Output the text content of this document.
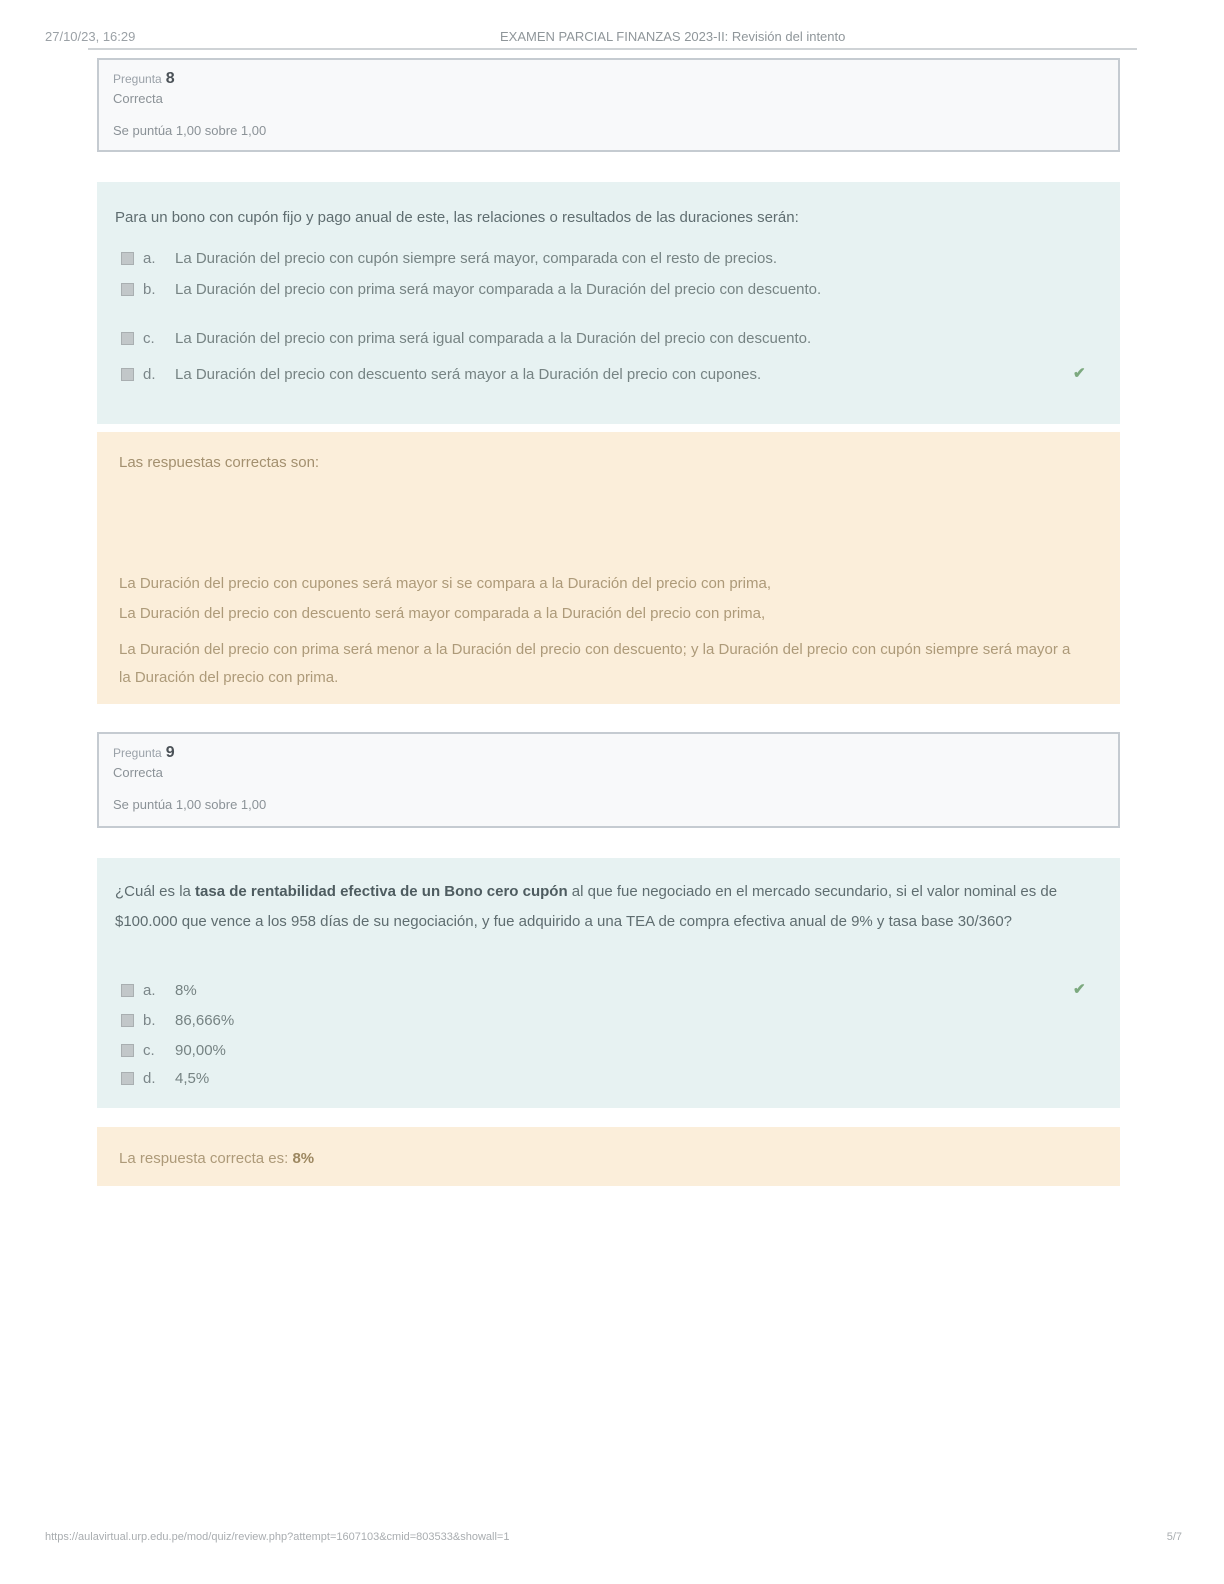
27/10/23, 16:29	EXAMEN PARCIAL FINANZAS 2023-II: Revisión del intento
Pregunta 8
Correcta
Se puntúa 1,00 sobre 1,00
Para un bono con cupón fijo y pago anual de este, las relaciones o resultados de las duraciones serán:
a.	La Duración del precio con cupón siempre será mayor, comparada con el resto de precios.
b.	La Duración del precio con prima será mayor comparada a la Duración del precio con descuento.
c.	La Duración del precio con prima será igual comparada a la Duración del precio con descuento.
d.	La Duración del precio con descuento será mayor a la Duración del precio con cupones.	✔
Las respuestas correctas son:
La Duración del precio con cupones será mayor si se compara a la Duración del precio con prima,
La Duración del precio con descuento será mayor comparada a la Duración del precio con prima,
La Duración del precio con prima será menor a la Duración del precio con descuento; y la Duración del precio con cupón siempre será mayor a la Duración del precio con prima.
Pregunta 9
Correcta
Se puntúa 1,00 sobre 1,00
¿Cuál es la tasa de rentabilidad efectiva de un Bono cero cupón al que fue negociado en el mercado secundario, si el valor nominal es de $100.000 que vence a los 958 días de su negociación, y fue adquirido a una TEA de compra efectiva anual de 9% y tasa base 30/360?
a.	8%
b.	86,666%
c.	90,00%
d.	4,5%
✔
La respuesta correcta es: 8%
https://aulavirtual.urp.edu.pe/mod/quiz/review.php?attempt=1607103&cmid=803533&showall=1	5/7
